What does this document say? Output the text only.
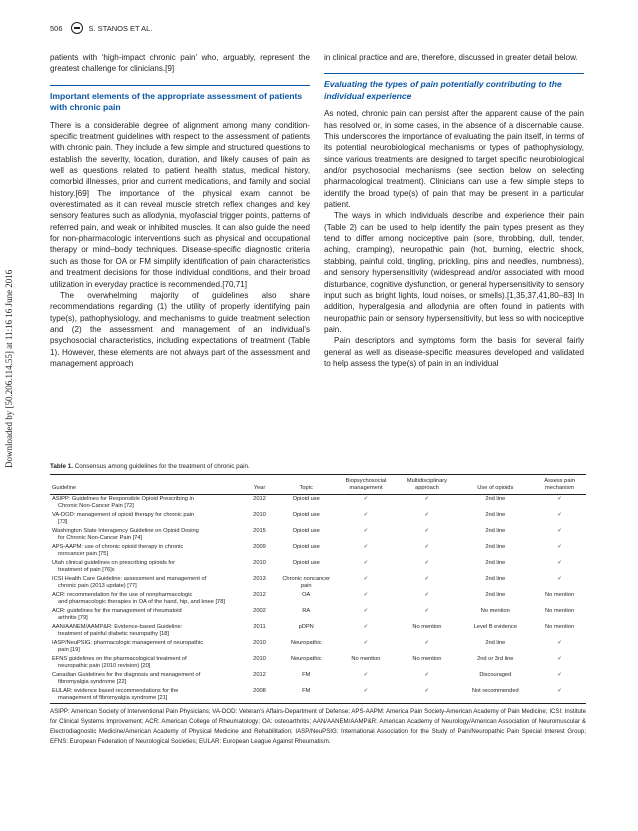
506	S. STANOS ET AL.
Downloaded by [50.206.114.55] at 11:16 16 June 2016

patients with ‘high-impact chronic pain’ who, arguably, represent the greatest challenge for clinicians.[9]

Important elements of the appropriate assessment of patients with chronic pain

There is a considerable degree of alignment among many condition-specific treatment guidelines with respect to the assessment of patients with chronic pain. They include a few simple and structured questions to establish the severity, location, duration, and likely causes of pain as well as questions related to patient health status, medical history, comorbid illnesses, prior and current medications, and family and social history.[69] The importance of the physical exam cannot be overestimated as it can reveal muscle stretch reflex changes and key sensory features such as allodynia, myofascial trigger points, patterns of referred pain, and weak or inhibited muscles. It can also guide the need for non-pharmacologic interventions such as physical and occupational therapy or mind–body techniques. Disease-specific diagnostic criteria such as those for OA or FM simplify identification of pain characteristics and treatment decisions for those individual conditions, and their broad utilization in everyday practice is recommended.[70,71]

The overwhelming majority of guidelines also share recommendations regarding (1) the utility of properly identifying pain type(s), pathophysiology, and mechanisms to guide treatment selection and (2) the assessment and management of an individual’s psychosocial characteristics, including expectations of treatment (Table 1). However, these elements are not always part of the assessment and management approach

in clinical practice and are, therefore, discussed in greater detail below.

Evaluating the types of pain potentially contributing to the individual experience

As noted, chronic pain can persist after the apparent cause of the pain has resolved or, in some cases, in the absence of a discernable cause. This underscores the importance of evaluating the pain itself, in terms of its potential neurobiological mechanisms or types of pathophysiology, since various treatments are designed to target specific neurobiological and/or psychosocial mechanisms (see section below on selecting pharmacological treatment). Clinicians can use a few simple steps to identify the broad type(s) of pain that may be present in a particular patient.

The ways in which individuals describe and experience their pain (Table 2) can be used to help identify the pain types present as they tend to differ among nociceptive pain (sore, throbbing, dull, tender, aching, cramping), neuropathic pain (hot, burning, electric shock, stabbing, painful cold, tingling, prickling, pins and needles, numbness), and sensory hypersensitivity (widespread and/or associated with mood disturbance, cognitive dysfunction, or general hypersensitivity to sensory input such as bright lights, loud noises, or smells).[1,35,37,41,80–83] In addition, hyperalgesia and allodynia are often found in patients with neuropathic pain or sensory hypersensitivity, but less so with nociceptive pain.

Pain descriptors and symptoms form the basis for several fairly general as well as disease-specific measures developed and validated to help assess the type(s) of pain in an individual

Table 1. Consensus among guidelines for the treatment of chronic pain.
Guideline	Year	Topic	Biopsychosocial management	Multidisciplinary approach	Use of opioids	Assess pain mechanism
ASIPP: Guidelines for Responsible Opioid Prescribing in
Chronic Non-Cancer Pain [72]	2012	Opioid use	✓	✓	2nd line	✓
VA-DOD: management of opioid therapy for chronic pain
[73]	2010	Opioid use	✓	✓	2nd line	✓
Washington State Interagency Guideline on Opioid Dosing
for Chronic Non-Cancer Pain [74]	2015	Opioid use	✓	✓	2nd line	✓
APS-AAPM: use of chronic opioid therapy in chronic
noncancer pain [75]	2009	Opioid use	✓	✓	2nd line	✓
Utah clinical guidelines on prescribing opioids for
treatment of pain [76]x	2010	Opioid use	✓	✓	2nd line	✓
ICSI Health Care Guideline: assessment and management of
chronic pain (2013 update) [77]	2013	Chronic noncancer pain	✓	✓	2nd line	✓
ACR: recommendation for the use of nonpharmacologic
and pharmacologic therapies in OA of the hand, hip, and knee [78]	2012	OA	✓	✓	2nd line	No mention
ACR: guidelines for the management of rheumatoid
arthritis [79]	2002	RA	✓	✓	No mention	No mention
AAN/AANEM/AAMP&R: Evidence-based Guideline:
treatment of painful diabetic neuropathy [18]	2011	pDPN	✓	No mention	Level B evidence	No mention
IASP/NeuPSIG: pharmacologic management of neuropathic
pain [19]	2010	Neuropathic	✓	✓	2nd line	✓
EFNS guidelines on the pharmacological treatment of
neuropathic pain (2010 revision) [20]	2010	Neuropathic	No mention	No mention	2nd or 3rd line	✓
Canadian Guidelines for the diagnosis and management of
fibromyalgia syndrome [22]	2012	FM	✓	✓	Discouraged	✓
EULAR: evidence based recommendations for the
management of fibromyalgia syndrome [21]	2008	FM	✓	✓	Not recommended	✓
ASIPP: American Society of Interventional Pain Physicians; VA-DOD: Veteran’s Affairs-Department of Defense; APS-AAPM: America Pain Society-American Academy of Pain Medicine; ICSI: Institute for Clinical Systems Improvement; ACR: American College of Rheumatology; OA: osteoarthritis; AAN/AANEM/AAMP&R: American Academy of Neurology/American Association of Neuromuscular & Electrodiagnostic Medicine/American Academy of Physical Medicine and Rehabilitation; IASP/NeuPSIG: International Association for the Study of Pain/Neuropathic Pain Special Interest Group; EFNS: European Federation of Neurological Societies; EULAR: European League Against Rheumatism.
